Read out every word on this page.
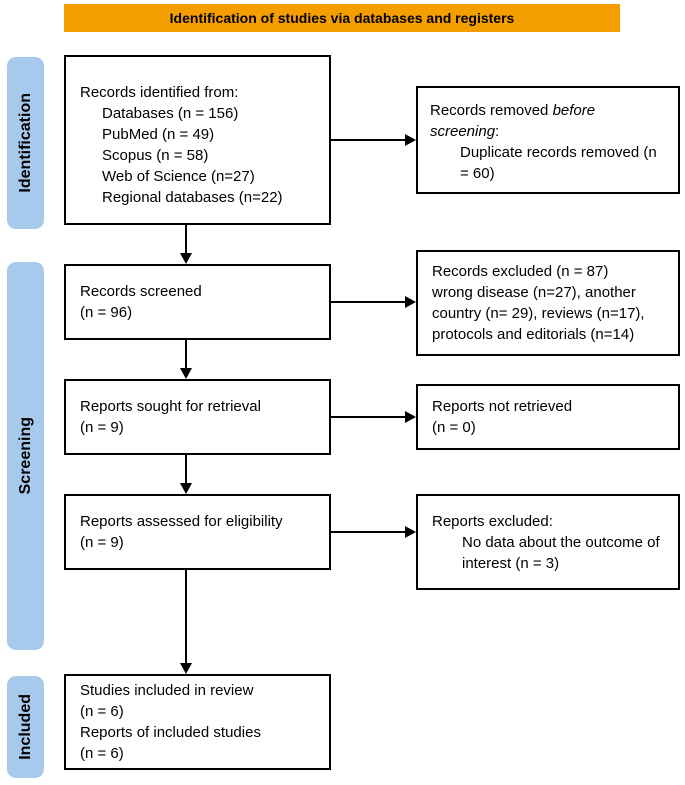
Identification of studies via databases and registers
Identification
Screening
Included
Records identified from:
Databases (n = 156)
PubMed (n = 49)
Scopus (n = 58)
Web of Science (n=27)
Regional databases (n=22)
Records screened
(n = 96)
Reports sought for retrieval
(n = 9)
Reports assessed for eligibility
(n = 9)
Studies included in review
(n = 6)
Reports of included studies
(n = 6)
Records removed before screening:
Duplicate records removed (n
= 60)
Records excluded (n = 87)
wrong disease (n=27), another
country (n= 29), reviews (n=17),
protocols and editorials (n=14)
Reports not retrieved
(n = 0)
Reports excluded:
No data about the outcome of
interest (n = 3)
